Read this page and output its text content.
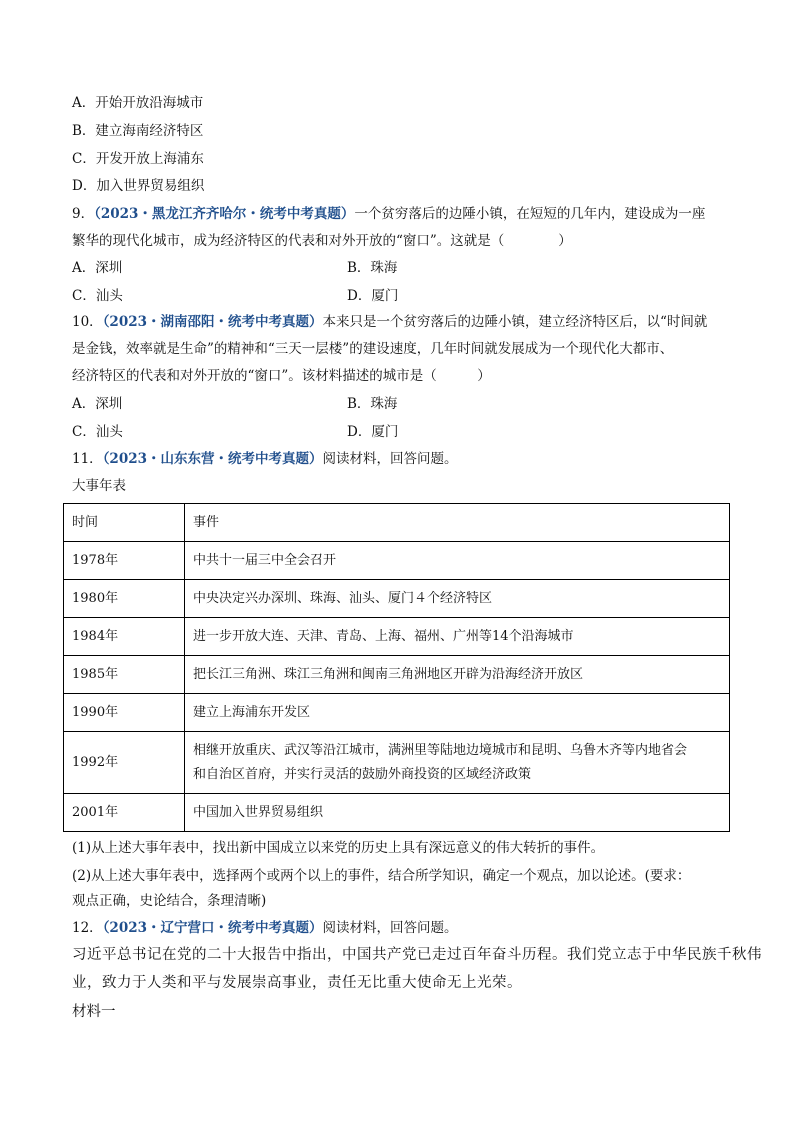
A．开始开放沿海城市
B．建立海南经济特区
C．开发开放上海浦东
D．加入世界贸易组织
9．（2023・黑龙江齐齐哈尔・统考中考真题）一个贫穷落后的边陲小镇，在短短的几年内，建设成为一座
繁华的现代化城市，成为经济特区的代表和对外开放的“窗口”。这就是（　　　　）
A．深圳	B．珠海
C．汕头	D．厦门
10．（2023・湖南邵阳・统考中考真题）本来只是一个贫穷落后的边陲小镇，建立经济特区后，以“时间就
是金钱，效率就是生命”的精神和“三天一层楼”的建设速度，几年时间就发展成为一个现代化大都市、
经济特区的代表和对外开放的“窗口”。该材料描述的城市是（　　　）
A．深圳	B．珠海
C．汕头	D．厦门
11．（2023・山东东营・统考中考真题）阅读材料，回答问题。
大事年表
时间	事件
1978年	中共十一届三中全会召开
1980年	中央决定兴办深圳、珠海、汕头、厦门４个经济特区
1984年	进一步开放大连、天津、青岛、上海、福州、广州等14个沿海城市
1985年	把长江三角洲、珠江三角洲和闽南三角洲地区开辟为沿海经济开放区
1990年	建立上海浦东开发区
1992年	相继开放重庆、武汉等沿江城市，满洲里等陆地边境城市和昆明、乌鲁木齐等内地省会
和自治区首府，并实行灵活的鼓励外商投资的区域经济政策

2001年	中国加入世界贸易组织
(1)从上述大事年表中，找出新中国成立以来党的历史上具有深远意义的伟大转折的事件。
(2)从上述大事年表中，选择两个或两个以上的事件，结合所学知识，确定一个观点，加以论述。(要求：
观点正确，史论结合，条理清晰)
12．（2023・辽宁营口・统考中考真题）阅读材料，回答问题。
习近平总书记在党的二十大报告中指出，中国共产党已走过百年奋斗历程。我们党立志于中华民族千秋伟
业，致力于人类和平与发展崇高事业，责任无比重大使命无上光荣。
材料一
